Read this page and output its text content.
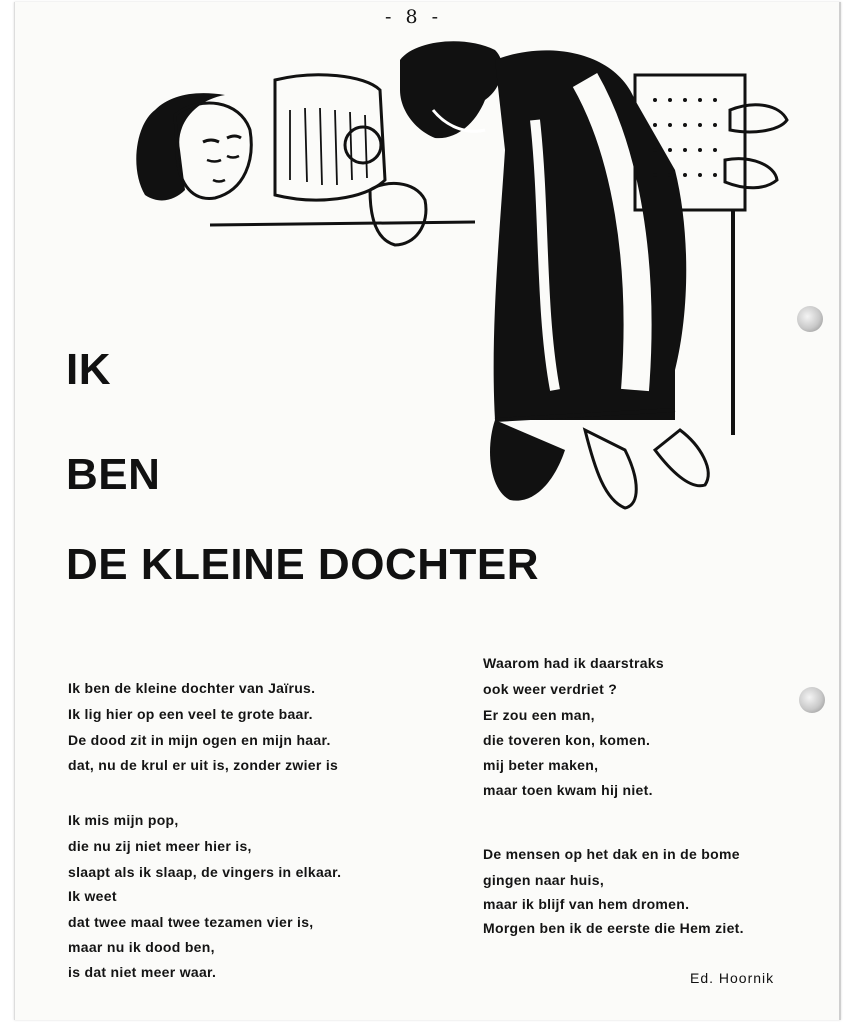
- 8 -
IK
BEN
DE KLEINE DOCHTER
Ik ben de kleine dochter van Jaïrus.
Ik lig hier op een veel te grote baar.
De dood zit in mijn ogen en mijn haar.
dat, nu de krul er uit is, zonder zwier is
Ik mis mijn pop,
die nu zij niet meer hier is,
slaapt als ik slaap, de vingers in elkaar.
Ik weet
dat twee maal twee tezamen vier is,
maar nu ik dood ben,
is dat niet meer waar.
Waarom had ik daarstraks
ook weer verdriet ?
Er zou een man,
die toveren kon, komen.
mij beter maken,
maar toen kwam hij niet.
De mensen op het dak en in de bome
gingen naar huis,
maar ik blijf van hem dromen.
Morgen ben ik de eerste die Hem ziet.
Ed. Hoornik
